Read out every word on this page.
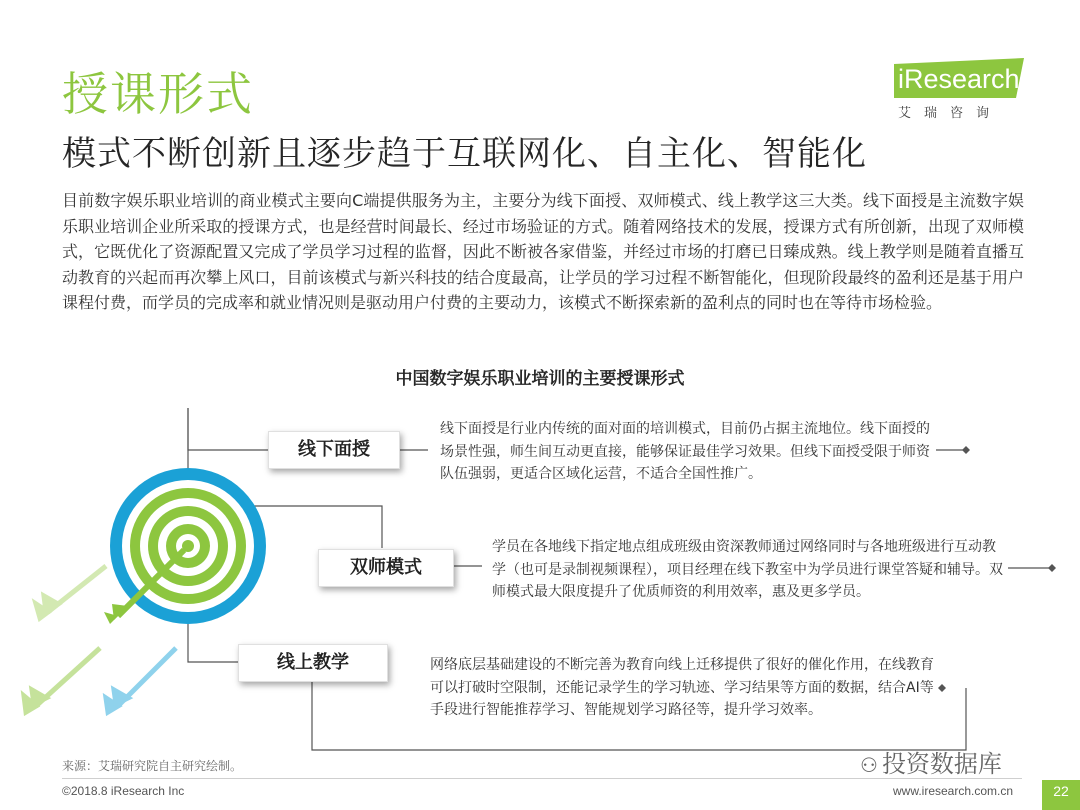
授课形式
模式不断创新且逐步趋于互联网化、自主化、智能化
iResearch
艾瑞咨询
目前数字娱乐职业培训的商业模式主要向C端提供服务为主，主要分为线下面授、双师模式、线上教学这三大类。线下面授是主流数字娱乐职业培训企业所采取的授课方式，也是经营时间最长、经过市场验证的方式。随着网络技术的发展，授课方式有所创新，出现了双师模式，它既优化了资源配置又完成了学员学习过程的监督，因此不断被各家借鉴，并经过市场的打磨已日臻成熟。线上教学则是随着直播互动教育的兴起而再次攀上风口，目前该模式与新兴科技的结合度最高，让学员的学习过程不断智能化，但现阶段最终的盈利还是基于用户课程付费，而学员的完成率和就业情况则是驱动用户付费的主要动力，该模式不断探索新的盈利点的同时也在等待市场检验。
中国数字娱乐职业培训的主要授课形式
线下面授
双师模式
线上教学
线下面授是行业内传统的面对面的培训模式，目前仍占据主流地位。线下面授的场景性强，师生间互动更直接，能够保证最佳学习效果。但线下面授受限于师资队伍强弱，更适合区域化运营，不适合全国性推广。
学员在各地线下指定地点组成班级由资深教师通过网络同时与各地班级进行互动教学（也可是录制视频课程），项目经理在线下教室中为学员进行课堂答疑和辅导。双师模式最大限度提升了优质师资的利用效率，惠及更多学员。
网络底层基础建设的不断完善为教育向线上迁移提供了很好的催化作用，在线教育可以打破时空限制，还能记录学生的学习轨迹、学习结果等方面的数据，结合AI等手段进行智能推荐学习、智能规划学习路径等，提升学习效率。
⚇ 投资数据库
来源：艾瑞研究院自主研究绘制。
©2018.8 iResearch Inc	www.iresearch.com.cn	22
